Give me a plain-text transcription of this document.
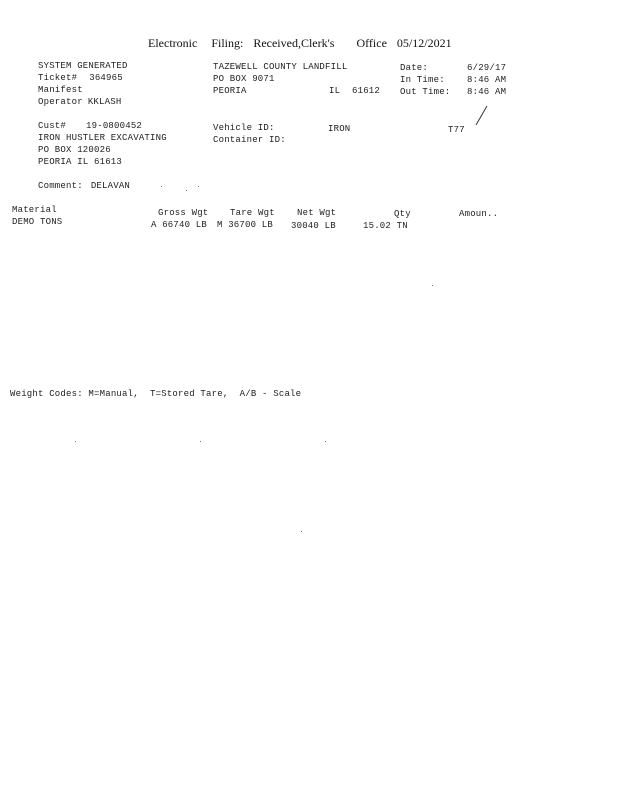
Electronic Filing: Received,Clerk's Office 05/12/2021

SYSTEM GENERATED
Ticket# 364965
Manifest
Operator KKLASH
TAZEWELL COUNTY LANDFILL
PO BOX 9071
PEORIA	IL 61612
Date:	6/29/17
In Time: 8:46 AM
Out Time: 8:46 AM
Cust# 19-0800452
IRON HUSTLER EXCAVATING
PO BOX 120026
PEORIA IL 61613
Vehicle ID:	IRON	T77
Container ID:
Comment: DELAVAN
Material	Gross Wgt Tare Wgt Net Wgt	Qty	Amoun..
DEMO TONS	A 66740 LB M 36700 LB 30040 LB	15.02 TN
Weight Codes: M=Manual,  T=Stored Tare,  A/B - Scale
